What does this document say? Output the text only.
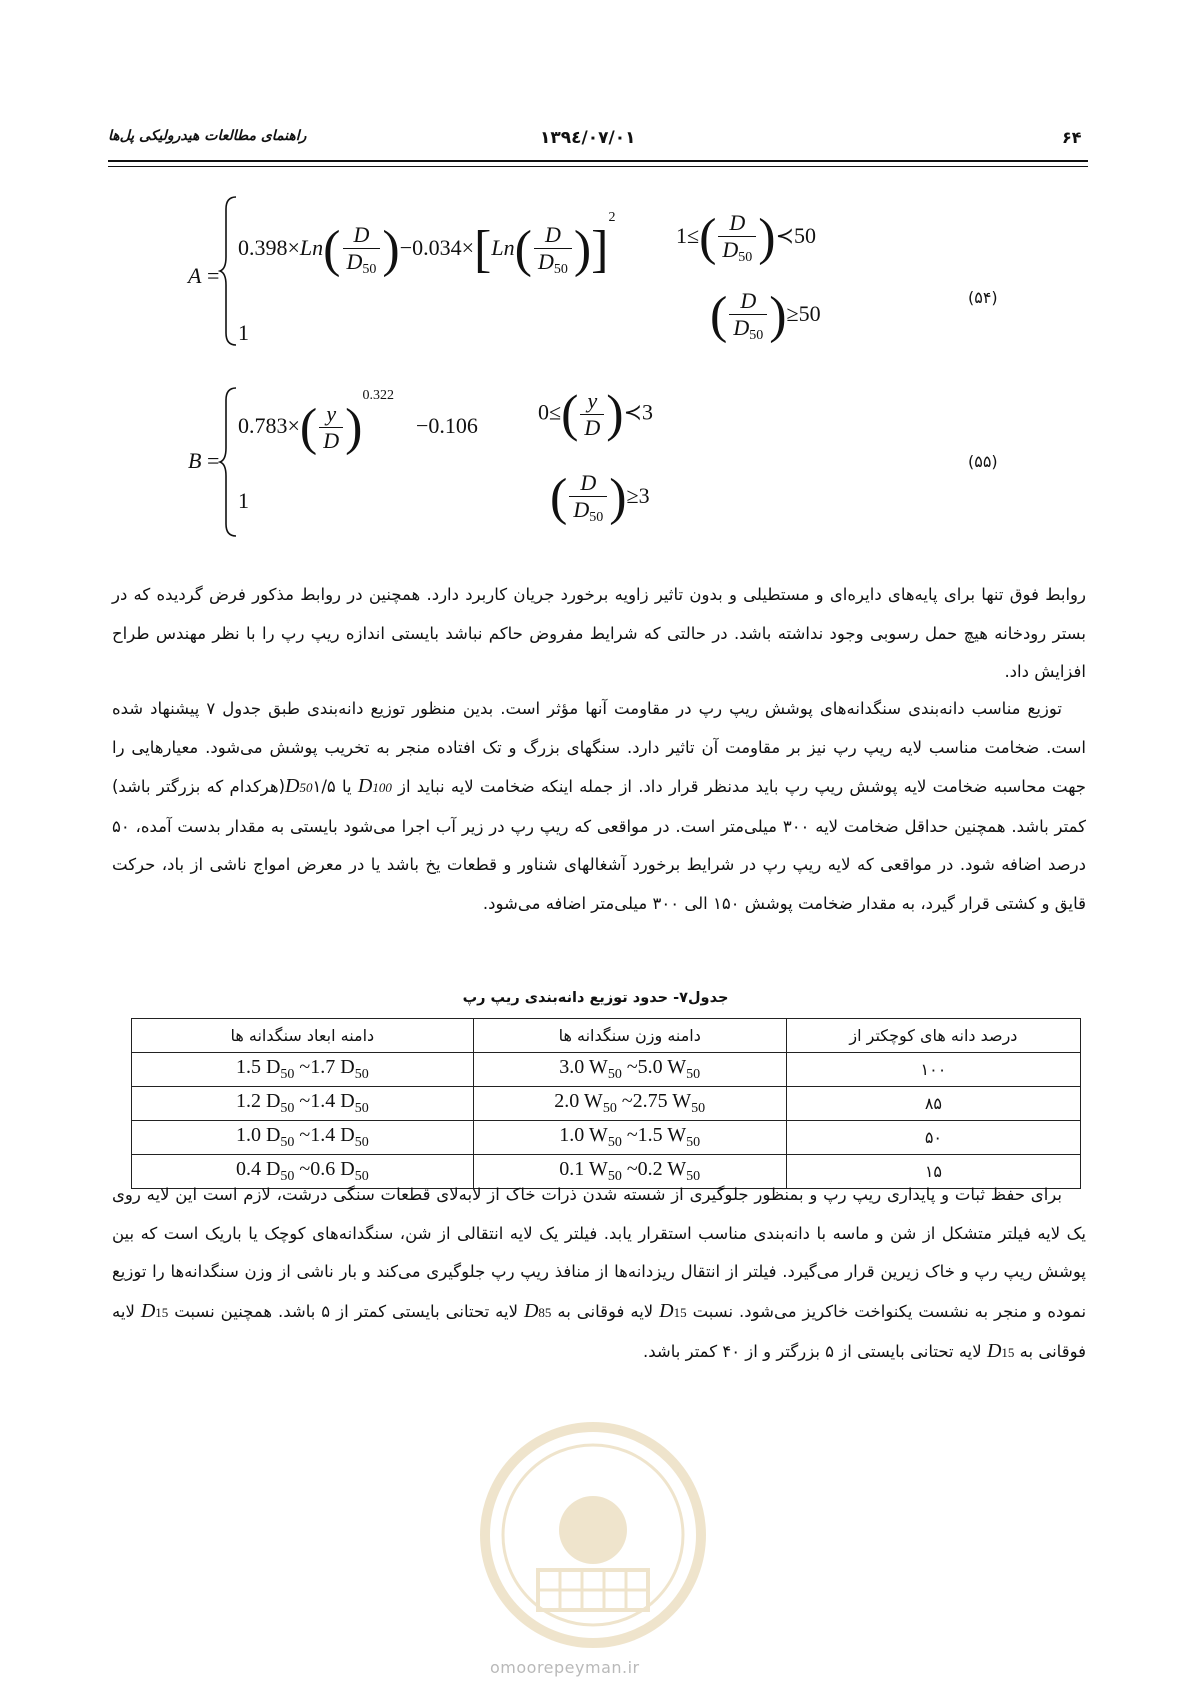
راهنمای مطالعات هیدرولیکی پل‌ها	۱۳۹٤/۰۷/۰۱	۶۴
A =
$0.398\times Ln( \frac{D}{D_{50}} )-0.034\times[Ln( \frac{D}{D_{50}} )]^2$
$1\le( \frac{D}{D_{50}}$ )≺50
1	( $\frac{D}{D_{50}} )\ge 50$
(۵۴)
B =
$0.783\times( \frac{y}{D} )^{0.322}$    −0.106
$0\le( \frac{y}{D}$ )≺3
1	( $\frac{D}{D_{50}} )\ge 3$
(۵۵)
روابط فوق تنها برای پایه‌های دایره‌ای و مستطیلی و بدون تاثیر زاویه برخورد جریان کاربرد دارد. همچنین در روابط مذکور فرض گردیده که در بستر رودخانه هیچ حمل رسوبی وجود نداشته باشد. در حالتی که شرایط مفروض حاکم نباشد بایستی اندازه ریپ رپ را با نظر مهندس طراح افزایش داد.
توزیع مناسب دانه‌بندی سنگدانه‌های پوشش ریپ رپ در مقاومت آنها مؤثر است. بدین منظور توزیع دانه‌بندی طبق جدول ۷ پیشنهاد شده است. ضخامت مناسب لایه ریپ رپ نیز بر مقاومت آن تاثیر دارد. سنگهای بزرگ و تک افتاده منجر به تخریب پوشش می‌شود. معیارهایی را جهت محاسبه ضخامت لایه پوشش ریپ رپ باید مدنظر قرار داد. از جمله اینکه ضخامت لایه نباید از D100 یا D50۱/۵(هرکدام که بزرگتر باشد) کمتر باشد. همچنین حداقل ضخامت لایه ۳۰۰ میلی‌متر است. در مواقعی که ریپ رپ در زیر آب اجرا می‌شود بایستی به مقدار بدست آمده، ۵۰ درصد اضافه شود. در مواقعی که لایه ریپ رپ در شرایط برخورد آشغالهای شناور و قطعات یخ باشد یا در معرض امواج ناشی از باد، حرکت قایق و کشتی قرار گیرد، به مقدار ضخامت پوشش ۱۵۰ الی ۳۰۰ میلی‌متر اضافه می‌شود.
جدول۷- حدود توزیع دانه‌بندی ریپ رپ
درصد دانه های کوچکتر از	دامنه وزن سنگدانه ها	دامنه ابعاد سنگدانه ها
۱۰۰	3.0 $W_{50}$ ~5.0 $W_{50}$	1.5 $D_{50}$ ~1.7 $D_{50}$
۸۵	2.0 $W_{50}$ ~2.75 $W_{50}$	1.2 $D_{50}$ ~1.4 $D_{50}$
۵۰	1.0 $W_{50}$ ~1.5 $W_{50}$	1.0 $D_{50}$ ~1.4 $D_{50}$
۱۵	0.1 $W_{50}$ ~0.2 $W_{50}$	0.4 $D_{50}$ ~0.6 $D_{50}$
omoorepeyman.ir
برای حفظ ثبات و پایداری ریپ رپ و بمنظور جلوگیری از شسته شدن ذرات خاک از لابه‌لای قطعات سنگی درشت، لازم است این لایه روی یک لایه فیلتر متشکل از شن و ماسه با دانه‌بندی مناسب استقرار یابد. فیلتر یک لایه انتقالی از شن، سنگدانه‌های کوچک یا باریک است که بین پوشش ریپ رپ و خاک زیرین قرار می‌گیرد. فیلتر از انتقال ریزدانه‌ها از منافذ ریپ رپ جلوگیری می‌کند و بار ناشی از وزن سنگدانه‌ها را توزیع نموده و منجر به نشست یکنواخت خاکریز می‌شود. نسبت D15 لایه فوقانی به D85 لایه تحتانی بایستی کمتر از ۵ باشد. همچنین نسبت D15 لایه فوقانی به D15 لایه تحتانی بایستی از ۵ بزرگتر و از ۴۰ کمتر باشد.
